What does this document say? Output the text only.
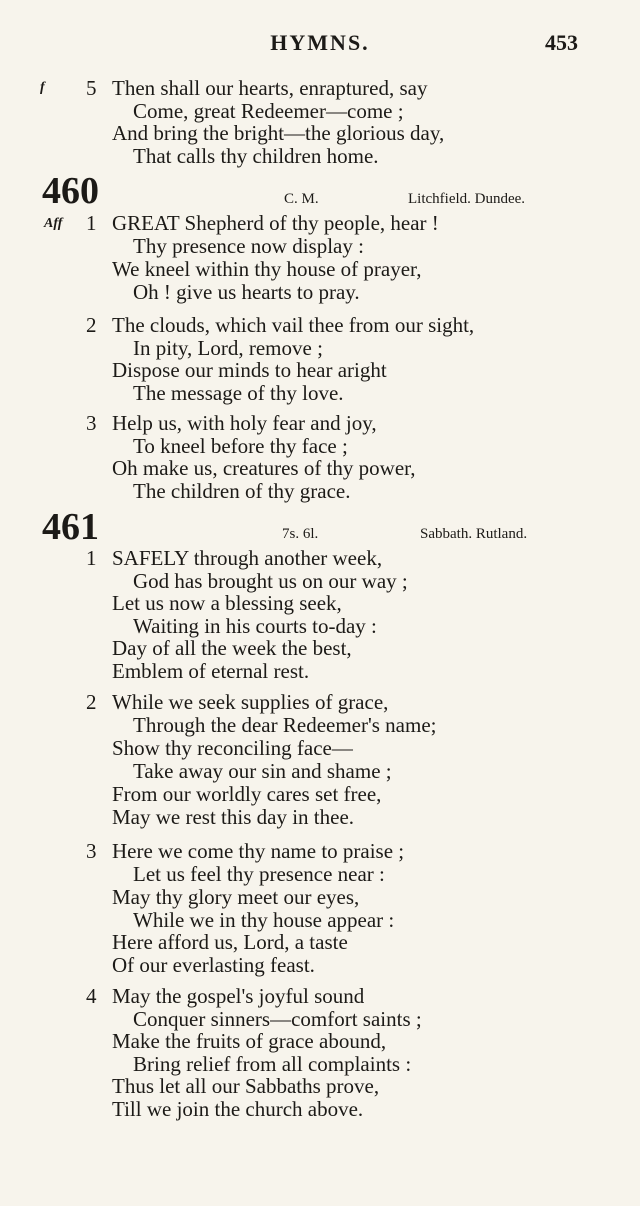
HYMNS.	453
f 5 Then shall our hearts, enraptured, say
Come, great Redeemer—come ;
And bring the bright—the glorious day,
That calls thy children home.
460	C. M.	Litchfield. Dundee.
Aff 1 GREAT Shepherd of thy people, hear !
Thy presence now display :
We kneel within thy house of prayer,
Oh ! give us hearts to pray.
2 The clouds, which vail thee from our sight,
In pity, Lord, remove ;
Dispose our minds to hear aright
The message of thy love.
3 Help us, with holy fear and joy,
To kneel before thy face ;
Oh make us, creatures of thy power,
The children of thy grace.
461	7s. 6l.	Sabbath. Rutland.
1 SAFELY through another week,
God has brought us on our way ;
Let us now a blessing seek,
Waiting in his courts to-day :
Day of all the week the best,
Emblem of eternal rest.
2 While we seek supplies of grace,
Through the dear Redeemer's name;
Show thy reconciling face—
Take away our sin and shame ;
From our worldly cares set free,
May we rest this day in thee.
3 Here we come thy name to praise ;
Let us feel thy presence near :
May thy glory meet our eyes,
While we in thy house appear :
Here afford us, Lord, a taste
Of our everlasting feast.
4 May the gospel's joyful sound
Conquer sinners—comfort saints ;
Make the fruits of grace abound,
Bring relief from all complaints :
Thus let all our Sabbaths prove,
Till we join the church above.
